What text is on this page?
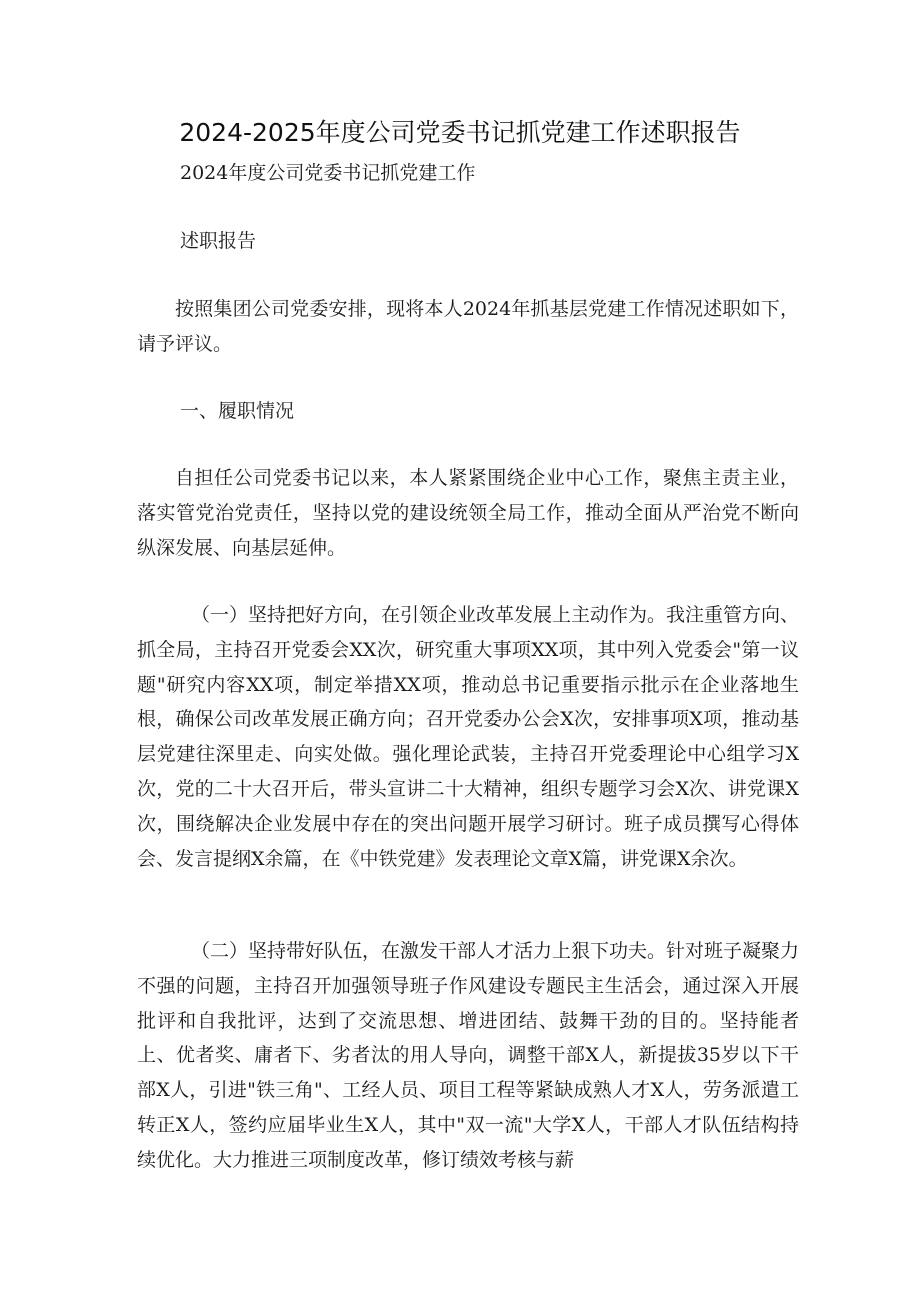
2024-2025年度公司党委书记抓党建工作述职报告

2024年度公司党委书记抓党建工作

述职报告

按照集团公司党委安排，现将本人2024年抓基层党建工作情况述职如下，请予评议。

一、履职情况

自担任公司党委书记以来，本人紧紧围绕企业中心工作，聚焦主责主业，落实管党治党责任，坚持以党的建设统领全局工作，推动全面从严治党不断向纵深发展、向基层延伸。

（一）坚持把好方向，在引领企业改革发展上主动作为。我注重管方向、抓全局，主持召开党委会XX次，研究重大事项XX项，其中列入党委会"第一议题"研究内容XX项，制定举措XX项，推动总书记重要指示批示在企业落地生根，确保公司改革发展正确方向；召开党委办公会X次，安排事项X项，推动基层党建往深里走、向实处做。强化理论武装，主持召开党委理论中心组学习X次，党的二十大召开后，带头宣讲二十大精神，组织专题学习会X次、讲党课X次，围绕解决企业发展中存在的突出问题开展学习研讨。班子成员撰写心得体会、发言提纲X余篇，在《中铁党建》发表理论文章X篇，讲党课X余次。

（二）坚持带好队伍，在激发干部人才活力上狠下功夫。针对班子凝聚力不强的问题，主持召开加强领导班子作风建设专题民主生活会，通过深入开展批评和自我批评，达到了交流思想、增进团结、鼓舞干劲的目的。坚持能者上、优者奖、庸者下、劣者汰的用人导向，调整干部X人，新提拔35岁以下干部X人，引进"铁三角"、工经人员、项目工程等紧缺成熟人才X人，劳务派遣工转正X人，签约应届毕业生X人，其中"双一流"大学X人，干部人才队伍结构持续优化。大力推进三项制度改革，修订绩效考核与薪
